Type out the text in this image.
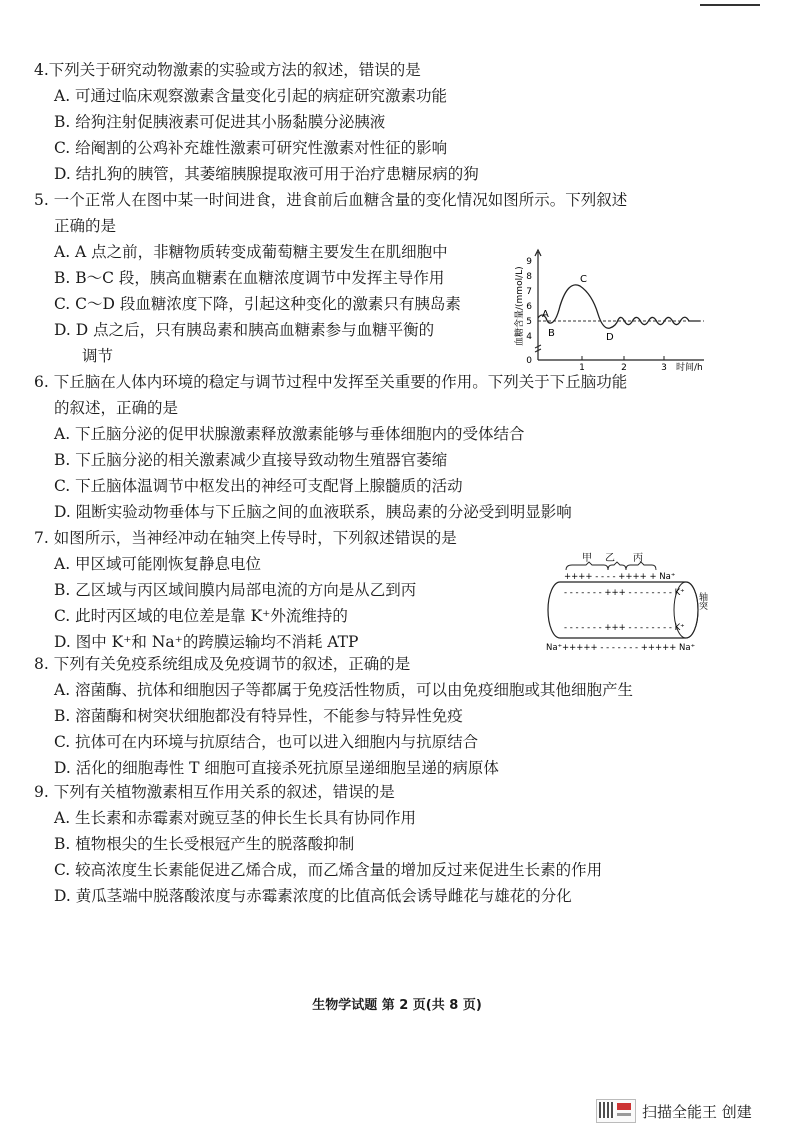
4.下列关于研究动物激素的实验或方法的叙述，错误的是
A. 可通过临床观察激素含量变化引起的病症研究激素功能
B. 给狗注射促胰液素可促进其小肠黏膜分泌胰液
C. 给阉割的公鸡补充雄性激素可研究性激素对性征的影响
D. 结扎狗的胰管，其萎缩胰腺提取液可用于治疗患糖尿病的狗
5. 一个正常人在图中某一时间进食，进食前后血糖含量的变化情况如图所示。下列叙述
正确的是
A. A 点之前，非糖物质转变成葡萄糖主要发生在肌细胞中
B. B～C 段，胰高血糖素在血糖浓度调节中发挥主导作用
C. C～D 段血糖浓度下降，引起这种变化的激素只有胰岛素
D. D 点之后，只有胰岛素和胰高血糖素参与血糖平衡的
调节
血糖含量/(mmol/L)
0
4
5
6
7
8
9
1	2	3 时间/h
A
B
C
D
6. 下丘脑在人体内环境的稳定与调节过程中发挥至关重要的作用。下列关于下丘脑功能
的叙述，正确的是
A. 下丘脑分泌的促甲状腺激素释放激素能够与垂体细胞内的受体结合
B. 下丘脑分泌的相关激素减少直接导致动物生殖器官萎缩
C. 下丘脑体温调节中枢发出的神经可支配肾上腺髓质的活动
D. 阻断实验动物垂体与下丘脑之间的血液联系，胰岛素的分泌受到明显影响
7. 如图所示，当神经冲动在轴突上传导时，下列叙述错误的是
A. 甲区域可能刚恢复静息电位
B. 乙区域与丙区域间膜内局部电流的方向是从乙到丙
C. 此时丙区域的电位差是靠 K⁺外流维持的
D. 图中 K⁺和 Na⁺的跨膜运输均不消耗 ATP
甲 乙 丙
++++ - - - - ++++ + Na⁺
- - - - - - - +++ - - - - - - - - K⁺
- - - - - - - +++ - - - - - - - - K⁺
Na⁺+++++ - - - - - - - +++++ Na⁺
轴突
8. 下列有关免疫系统组成及免疫调节的叙述，正确的是
A. 溶菌酶、抗体和细胞因子等都属于免疫活性物质，可以由免疫细胞或其他细胞产生
B. 溶菌酶和树突状细胞都没有特异性，不能参与特异性免疫
C. 抗体可在内环境与抗原结合，也可以进入细胞内与抗原结合
D. 活化的细胞毒性 T 细胞可直接杀死抗原呈递细胞呈递的病原体
9. 下列有关植物激素相互作用关系的叙述，错误的是
A. 生长素和赤霉素对豌豆茎的伸长生长具有协同作用
B. 植物根尖的生长受根冠产生的脱落酸抑制
C. 较高浓度生长素能促进乙烯合成，而乙烯含量的增加反过来促进生长素的作用
D. 黄瓜茎端中脱落酸浓度与赤霉素浓度的比值高低会诱导雌花与雄花的分化
生物学试题 第 2 页(共 8 页)
扫描全能王 创建
